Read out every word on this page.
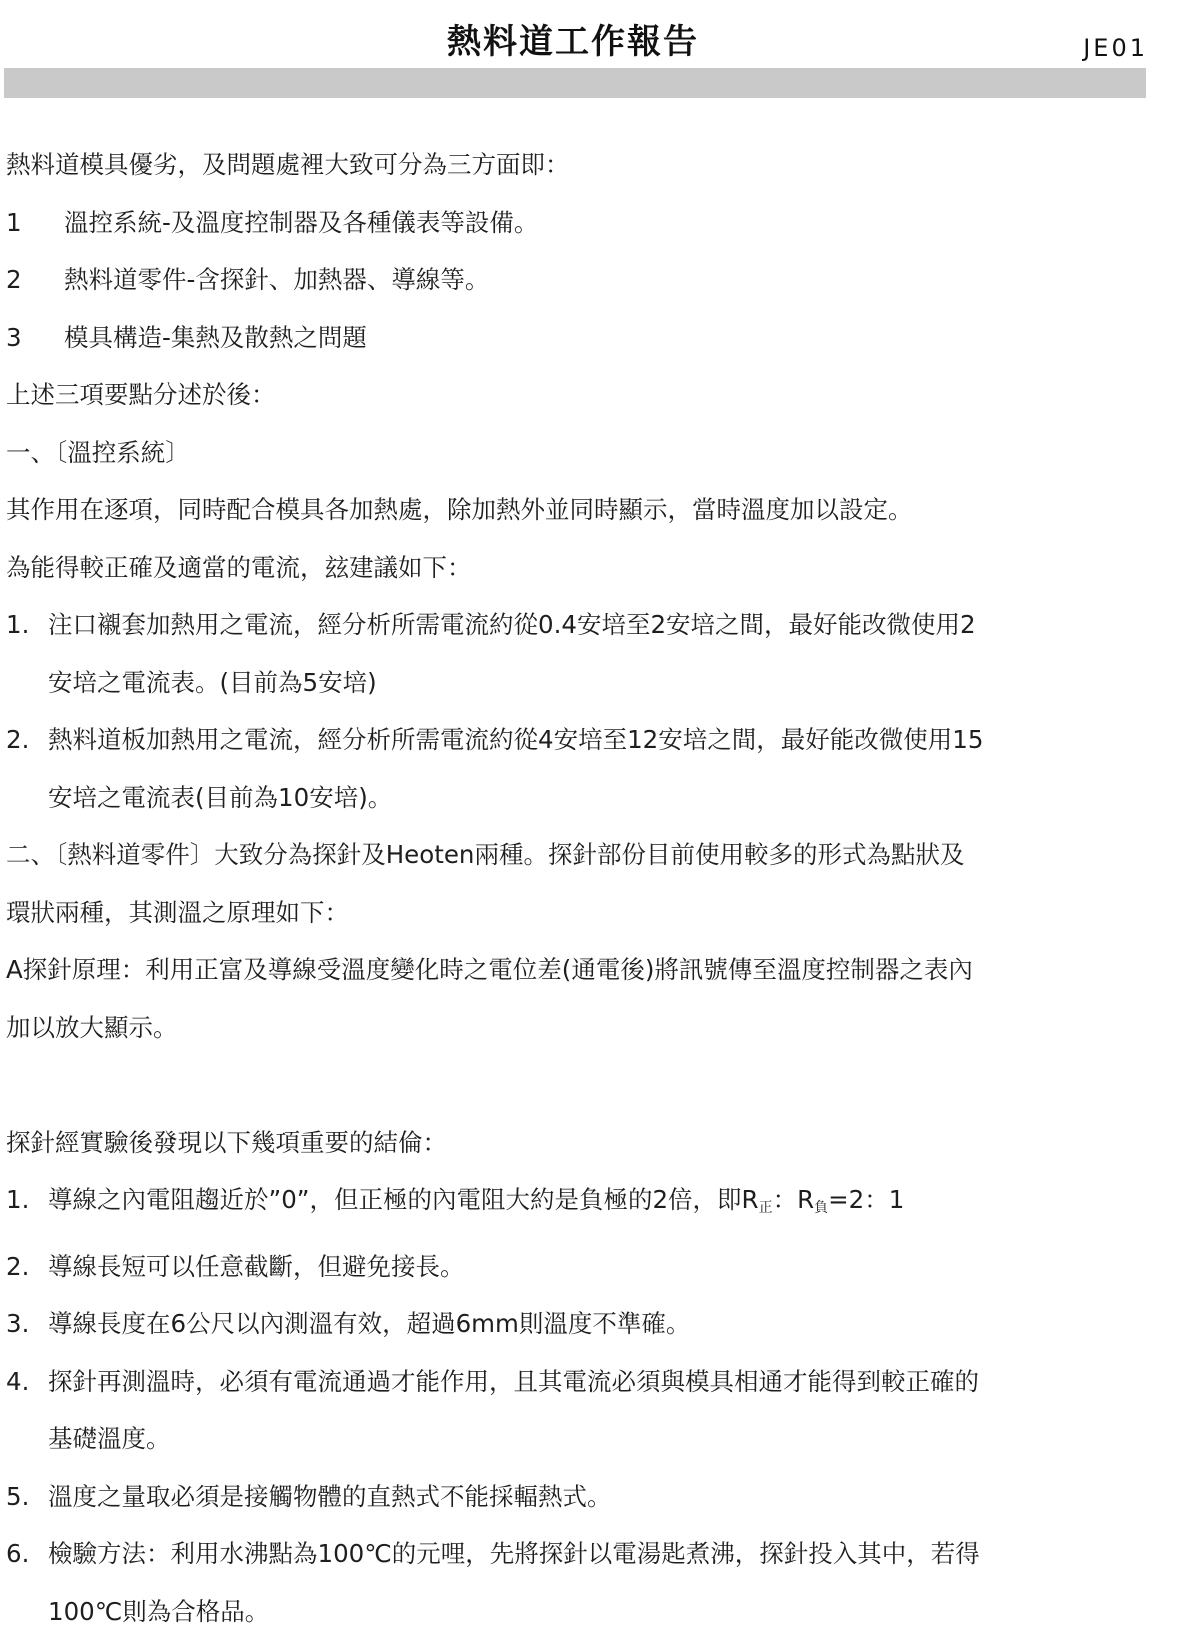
熱料道工作報告	JE01
熱料道模具優劣，及問題處裡大致可分為三方面即：
1 溫控系統-及溫度控制器及各種儀表等設備。
2 熱料道零件-含探針、加熱器、導線等。
3 模具構造-集熱及散熱之問題
上述三項要點分述於後：
一、〔溫控系統〕
其作用在逐項，同時配合模具各加熱處，除加熱外並同時顯示，當時溫度加以設定。
為能得較正確及適當的電流，玆建議如下：
1. 注口襯套加熱用之電流，經分析所需電流約從0.4安培至2安培之間，最好能改微使用2
安培之電流表。(目前為5安培)
2. 熱料道板加熱用之電流，經分析所需電流約從4安培至12安培之間，最好能改微使用15
安培之電流表(目前為10安培)。
二、〔熱料道零件〕大致分為探針及Heoten兩種。探針部份目前使用較多的形式為點狀及
環狀兩種，其測溫之原理如下：
A探針原理：利用正富及導線受溫度變化時之電位差(通電後)將訊號傳至溫度控制器之表內
加以放大顯示。
探針經實驗後發現以下幾項重要的結倫：
1. 導線之內電阻趨近於”0”，但正極的內電阻大約是負極的2倍，即$R_正$：$R_負=2$：1
2. 導線長短可以任意截斷，但避免接長。
3. 導線長度在6公尺以內測溫有效，超過6mm則溫度不準確。
4. 探針再測溫時，必須有電流通過才能作用，且其電流必須與模具相通才能得到較正確的
基礎溫度。
5. 溫度之量取必須是接觸物體的直熱式不能採輻熱式。
6. 檢驗方法：利用水沸點為100℃的元哩，先將探針以電湯匙煮沸，探針投入其中，若得
100℃則為合格品。
